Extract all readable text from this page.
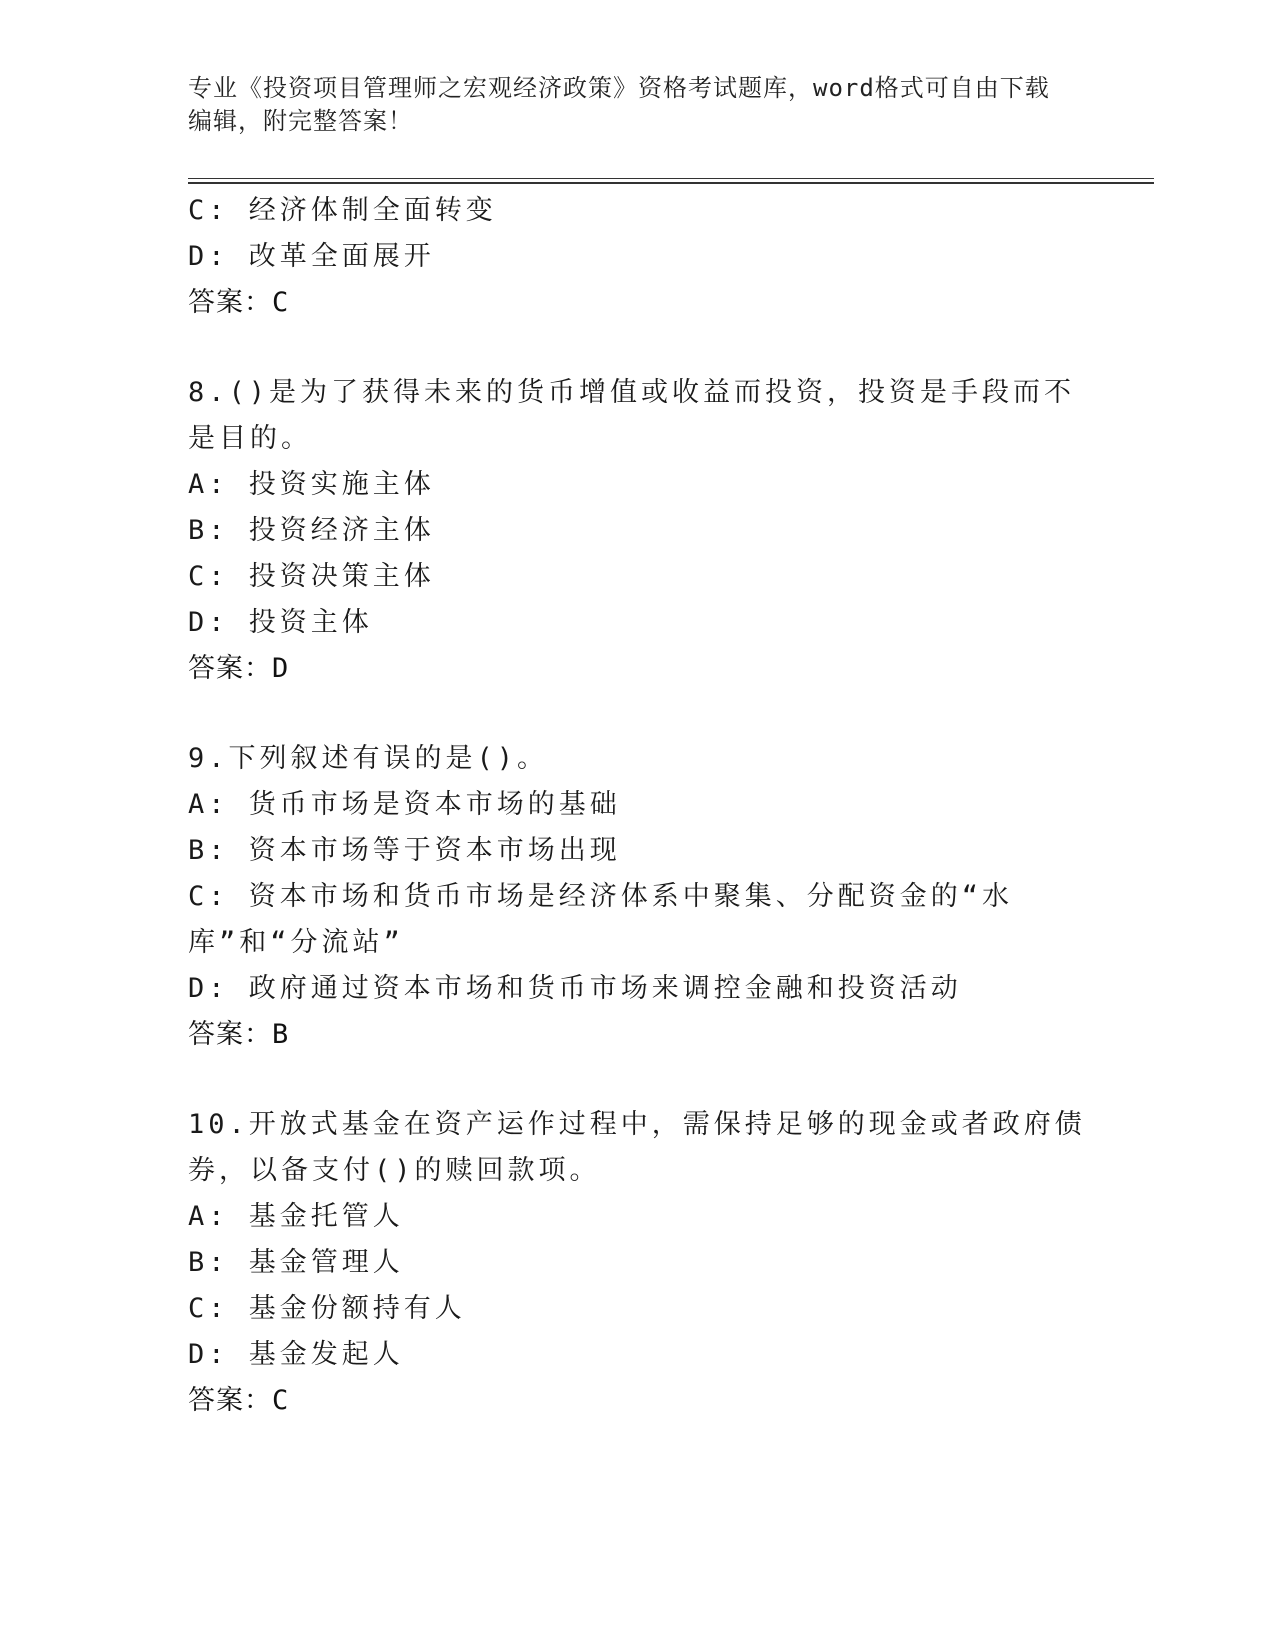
专业《投资项目管理师之宏观经济政策》资格考试题库，word格式可自由下载编辑，附完整答案！
C: 经济体制全面转变
D: 改革全面展开
答案：C
8.()是为了获得未来的货币增值或收益而投资，投资是手段而不是目的。
A: 投资实施主体
B: 投资经济主体
C: 投资决策主体
D: 投资主体
答案：D
9.下列叙述有误的是()。
A: 货币市场是资本市场的基础
B: 资本市场等于资本市场出现
C: 资本市场和货币市场是经济体系中聚集、分配资金的“水库”和“分流站”
D: 政府通过资本市场和货币市场来调控金融和投资活动
答案：B
10.开放式基金在资产运作过程中，需保持足够的现金或者政府债券，以备支付()的赎回款项。
A: 基金托管人
B: 基金管理人
C: 基金份额持有人
D: 基金发起人
答案：C
